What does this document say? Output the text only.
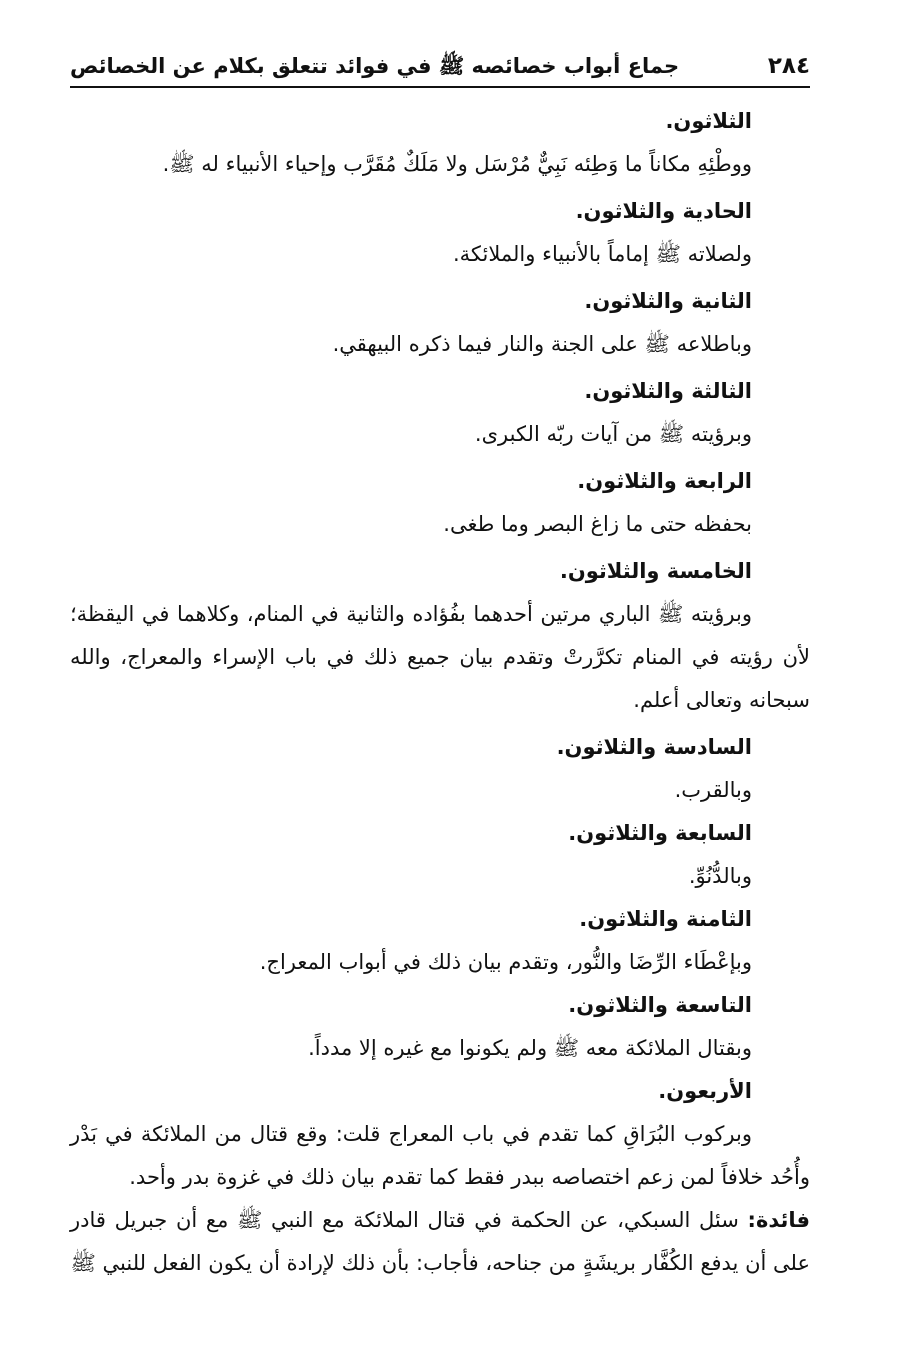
٢٨٤
جماع أبواب خصائصه ﷺ في فوائد تتعلق بكلام عن الخصائص
الثلاثون.
ووطْئِهِ مكاناً ما وَطِئه نَبِيٌّ مُرْسَل ولا مَلَكٌ مُقَرَّب وإحياء الأنبياء له ﷺ.
الحادية والثلاثون.
ولصلاته ﷺ إماماً بالأنبياء والملائكة.
الثانية والثلاثون.
وباطلاعه ﷺ على الجنة والنار فيما ذكره البيهقي.
الثالثة والثلاثون.
وبرؤيته ﷺ من آيات ربّه الكبرى.
الرابعة والثلاثون.
بحفظه حتى ما زاغ البصر وما طغى.
الخامسة والثلاثون.
وبرؤيته ﷺ الباري مرتين أحدهما بفُؤاده والثانية في المنام، وكلاهما في اليقظة؛ لأن رؤيته في المنام تكرَّرتْ وتقدم بيان جميع ذلك في باب الإسراء والمعراج، والله سبحانه وتعالى أعلم.
السادسة والثلاثون.
وبالقرب.
السابعة والثلاثون.
وبالدُّنُوِّ.
الثامنة والثلاثون.
وبإعْطَاء الرِّضَا والنُّور، وتقدم بيان ذلك في أبواب المعراج.
التاسعة والثلاثون.
وبقتال الملائكة معه ﷺ ولم يكونوا مع غيره إلا مدداً.
الأربعون.
وبركوب البُرَاقِ كما تقدم في باب المعراج قلت: وقع قتال من الملائكة في بَدْر وأُحُد خلافاً لمن زعم اختصاصه ببدر فقط كما تقدم بيان ذلك في غزوة بدر وأحد.
فائدة: سئل السبكي، عن الحكمة في قتال الملائكة مع النبي ﷺ مع أن جبريل قادر على أن يدفع الكُفَّار بريشَةٍ من جناحه، فأجاب: بأن ذلك لإرادة أن يكون الفعل للنبي ﷺ
